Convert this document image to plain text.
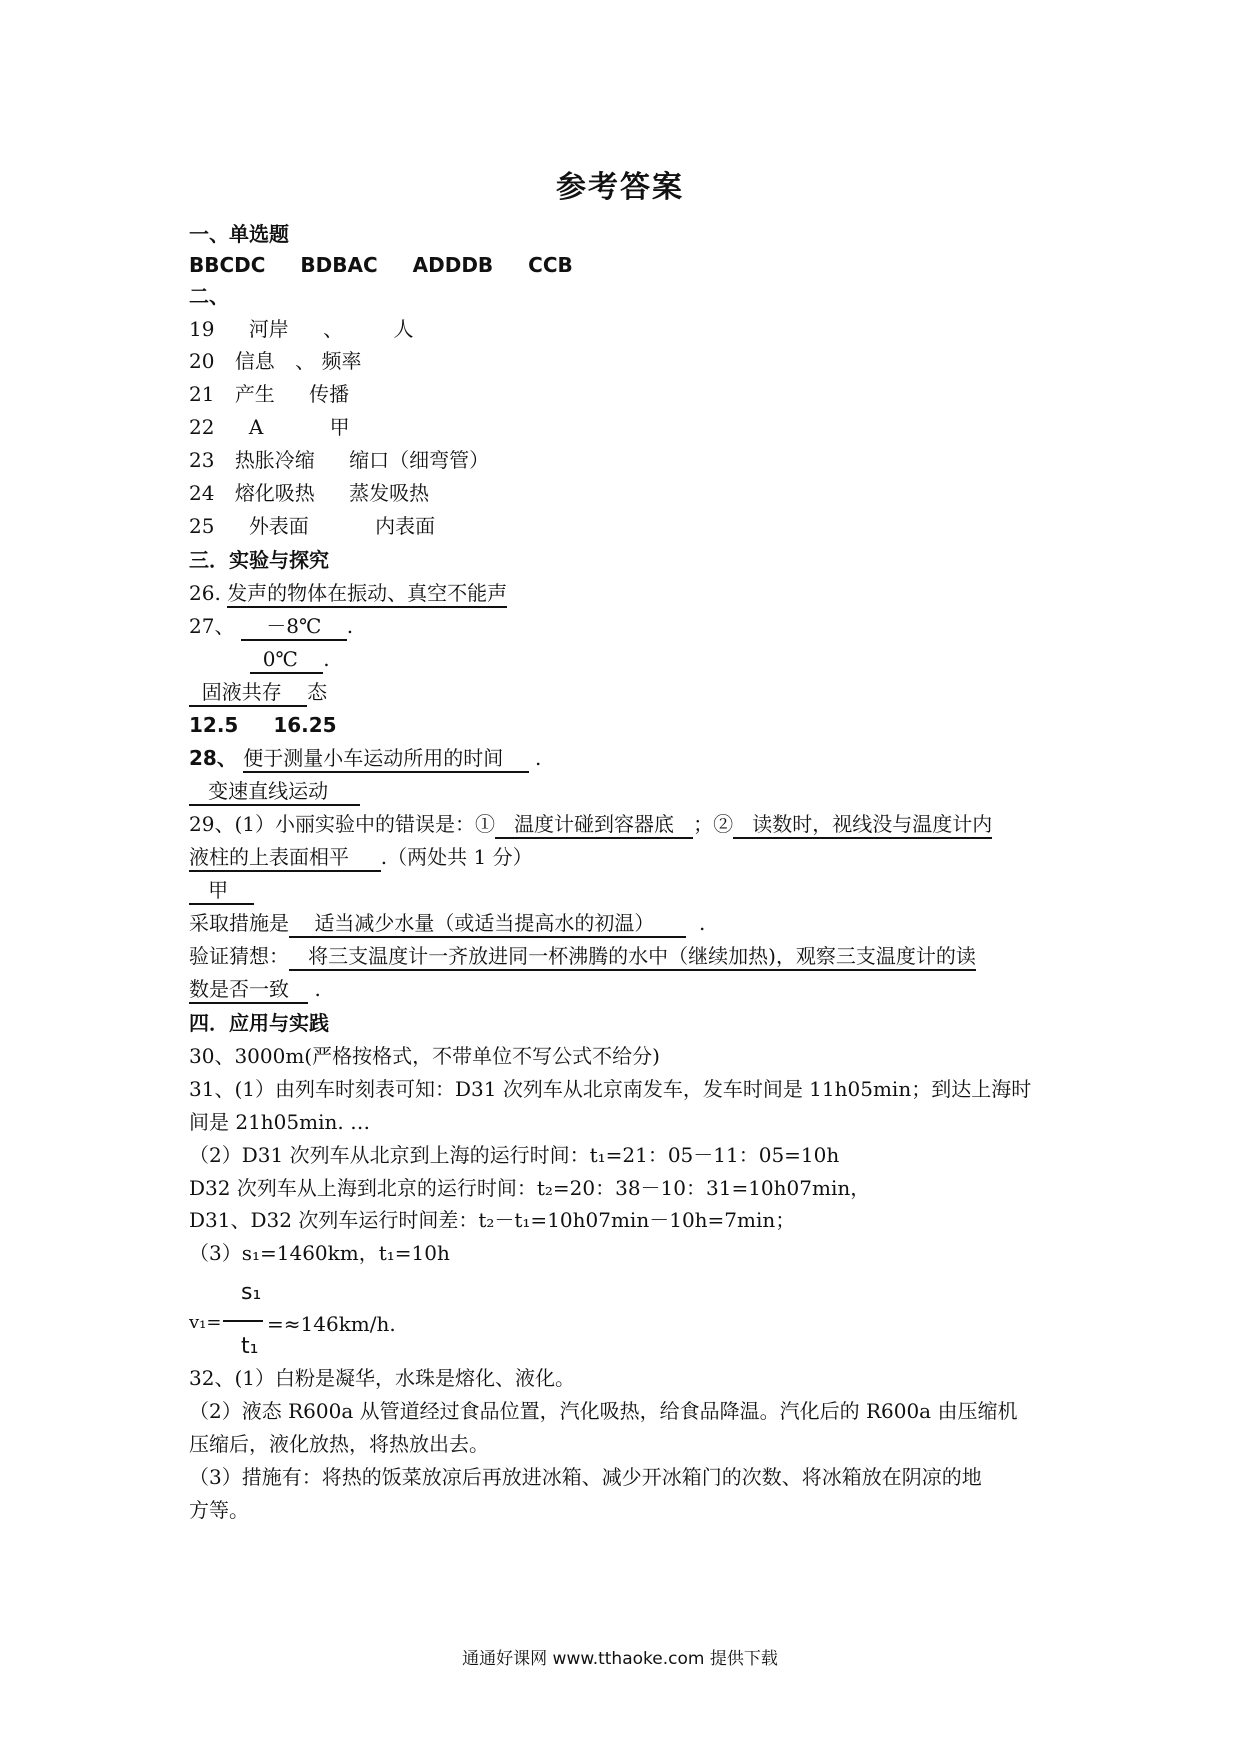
参考答案
一、单选题
BBCDC BDBAC ADDDB CCB
二、
19 河岸 、	人
20 信息 、 频率
21 产生 传播
22 A	甲
23 热胀冷缩 缩口（细弯管）
24 熔化吸热 蒸发吸热
25 外表面	内表面
三．实验与探究
26. 发声的物体在振动、真空不能声
27、 －8℃ .
0℃ .
固液共存 态
12.5 16.25
28、 便于测量小车运动所用的时间 .
变速直线运动
29、(1）小丽实验中的错误是：① 温度计碰到容器底 ；② 读数时，视线没与温度计内
液柱的上表面相平 .（两处共 1 分）
甲
采取措施是 适当减少水量（或适当提高水的初温） .
验证猜想： 将三支温度计一齐放进同一杯沸腾的水中（继续加热)，观察三支温度计的读
数是否一致 .
四．应用与实践
30、3000m(严格按格式，不带单位不写公式不给分)
31、(1）由列车时刻表可知：D31 次列车从北京南发车，发车时间是 11h05min；到达上海时
间是 21h05min. …
（2）D31 次列车从北京到上海的运行时间：t₁=21：05－11：05=10h
D32 次列车从上海到北京的运行时间：t₂=20：38－10：31=10h07min，
D31、D32 次列车运行时间差：t₂－t₁=10h07min－10h=7min；
（3）s₁=1460km，t₁=10h
v₁=
s₁
t₁
=≈146km/h.
32、(1）白粉是凝华，水珠是熔化、液化。
（2）液态 R600a 从管道经过食品位置，汽化吸热，给食品降温。汽化后的 R600a 由压缩机
压缩后，液化放热，将热放出去。
（3）措施有：将热的饭菜放凉后再放进冰箱、减少开冰箱门的次数、将冰箱放在阴凉的地
方等。
通通好课网 www.tthaoke.com 提供下载
